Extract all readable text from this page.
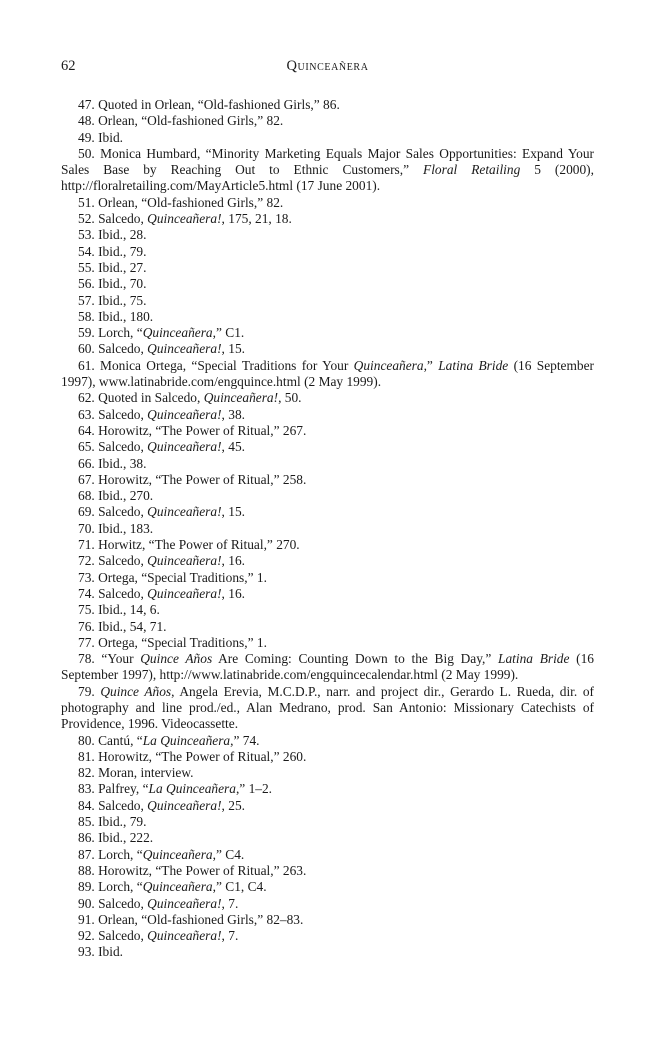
62	Quinceañera

47. Quoted in Orlean, “Old-fashioned Girls,” 86.

48. Orlean, “Old-fashioned Girls,” 82.

49. Ibid.

50. Monica Humbard, “Minority Marketing Equals Major Sales Opportunities: Expand Your Sales Base by Reaching Out to Ethnic Customers,” Floral Retailing 5 (2000), http://floralretailing.com/MayArticle5.html (17 June 2001).

51. Orlean, “Old-fashioned Girls,” 82.

52. Salcedo, Quinceañera!, 175, 21, 18.

53. Ibid., 28.

54. Ibid., 79.

55. Ibid., 27.

56. Ibid., 70.

57. Ibid., 75.

58. Ibid., 180.

59. Lorch, “Quinceañera,” C1.

60. Salcedo, Quinceañera!, 15.

61. Monica Ortega, “Special Traditions for Your Quinceañera,” Latina Bride (16 September 1997), www.latinabride.com/engquince.html (2 May 1999).

62. Quoted in Salcedo, Quinceañera!, 50.

63. Salcedo, Quinceañera!, 38.

64. Horowitz, “The Power of Ritual,” 267.

65. Salcedo, Quinceañera!, 45.

66. Ibid., 38.

67. Horowitz, “The Power of Ritual,” 258.

68. Ibid., 270.

69. Salcedo, Quinceañera!, 15.

70. Ibid., 183.

71. Horwitz, “The Power of Ritual,” 270.

72. Salcedo, Quinceañera!, 16.

73. Ortega, “Special Traditions,” 1.

74. Salcedo, Quinceañera!, 16.

75. Ibid., 14, 6.

76. Ibid., 54, 71.

77. Ortega, “Special Traditions,” 1.

78. “Your Quince Años Are Coming: Counting Down to the Big Day,” Latina Bride (16 September 1997), http://www.latinabride.com/engquincecalendar.html (2 May 1999).

79. Quince Años, Angela Erevia, M.C.D.P., narr. and project dir., Gerardo L. Rueda, dir. of photography and line prod./ed., Alan Medrano, prod. San Antonio: Missionary Catechists of Providence, 1996. Videocassette.

80. Cantú, “La Quinceañera,” 74.

81. Horowitz, “The Power of Ritual,” 260.

82. Moran, interview.

83. Palfrey, “La Quinceañera,” 1–2.

84. Salcedo, Quinceañera!, 25.

85. Ibid., 79.

86. Ibid., 222.

87. Lorch, “Quinceañera,” C4.

88. Horowitz, “The Power of Ritual,” 263.

89. Lorch, “Quinceañera,” C1, C4.

90. Salcedo, Quinceañera!, 7.

91. Orlean, “Old-fashioned Girls,” 82–83.

92. Salcedo, Quinceañera!, 7.

93. Ibid.
